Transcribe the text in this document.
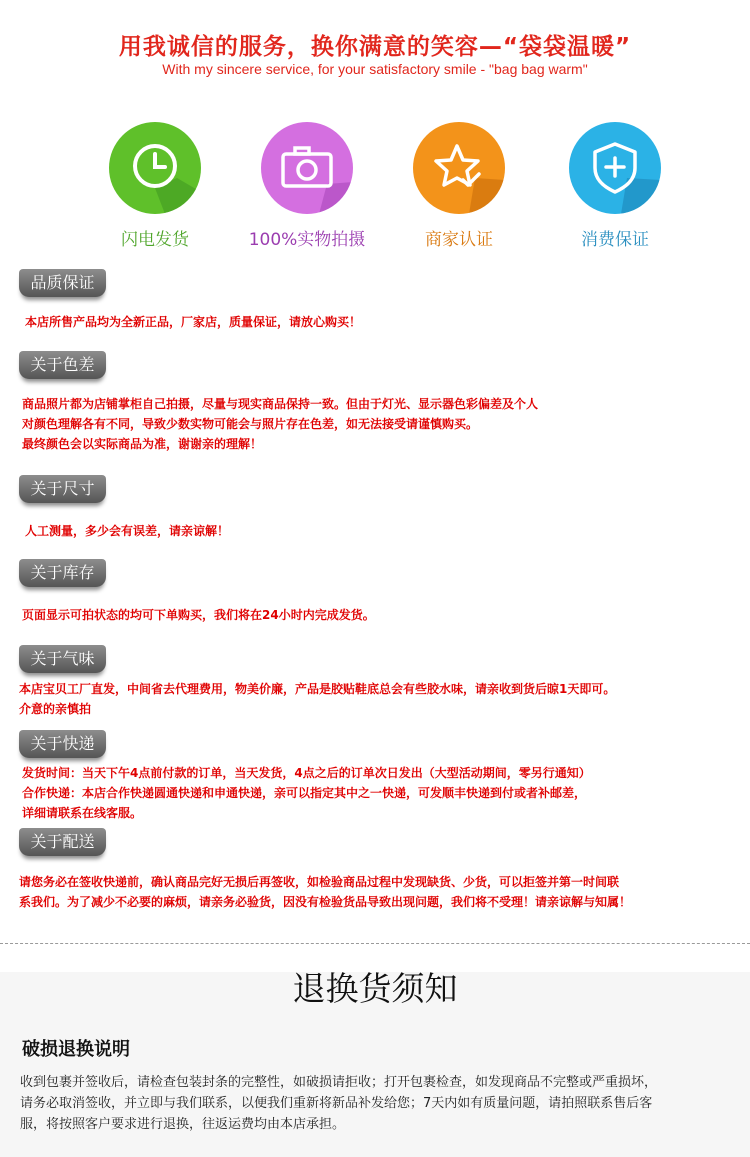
用我诚信的服务，换你满意的笑容—“袋袋温暖”
With my sincere service, for your satisfactory smile - "bag bag warm"
闪电发货	100%实物拍摄	商家认证	消费保证
品质保证
本店所售产品均为全新正品，厂家店，质量保证，请放心购买！
关于色差
商品照片都为店铺掌柜自己拍摄，尽量与现实商品保持一致。但由于灯光、显示器色彩偏差及个人
对颜色理解各有不同，导致少数实物可能会与照片存在色差，如无法接受请谨慎购买。
最终颜色会以实际商品为准，谢谢亲的理解！
关于尺寸
人工测量，多少会有误差，请亲谅解！
关于库存
页面显示可拍状态的均可下单购买，我们将在24小时内完成发货。
关于气味
本店宝贝工厂直发，中间省去代理费用，物美价廉，产品是胶贴鞋底总会有些胶水味，请亲收到货后晾1天即可。
介意的亲慎拍
关于快递
发货时间：当天下午4点前付款的订单，当天发货，4点之后的订单次日发出（大型活动期间，零另行通知）
合作快递：本店合作快递圆通快递和申通快递，亲可以指定其中之一快递，可发顺丰快递到付或者补邮差，
详细请联系在线客服。
关于配送
请您务必在签收快递前，确认商品完好无损后再签收，如检验商品过程中发现缺货、少货，可以拒签并第一时间联
系我们。为了减少不必要的麻烦，请亲务必验货，因没有检验货品导致出现问题，我们将不受理！请亲谅解与知属！
退换货须知
破损退换说明
收到包裹并签收后，请检查包装封条的完整性，如破损请拒收；打开包裹检查，如发现商品不完整或严重损坏，
请务必取消签收，并立即与我们联系，以便我们重新将新品补发给您；7天内如有质量问题，请拍照联系售后客
服，将按照客户要求进行退换，往返运费均由本店承担。
